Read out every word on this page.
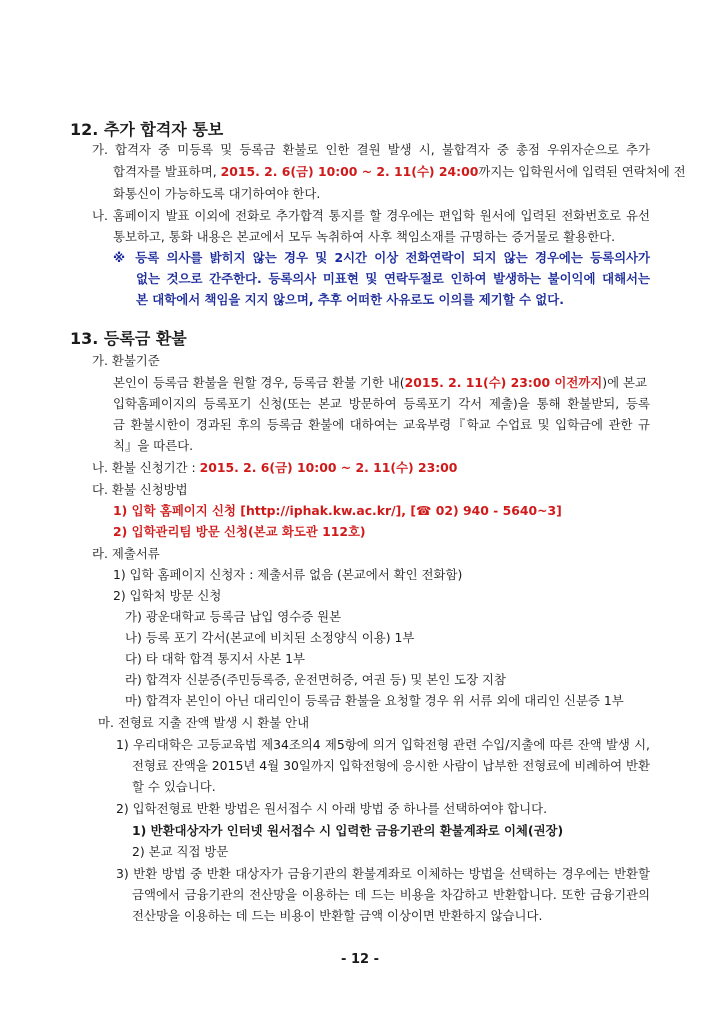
12. 추가 합격자 통보
가. 합격자 중 미등록 및 등록금 환불로 인한 결원 발생 시, 불합격자 중 총점 우위자순으로 추가
합격자를 발표하며, 2015. 2. 6(금) 10:00 ~ 2. 11(수) 24:00까지는 입학원서에 입력된 연락처에 전
화통신이 가능하도록 대기하여야 한다.
나. 홈페이지 발표 이외에 전화로 추가합격 통지를 할 경우에는 편입학 원서에 입력된 전화번호로 유선
통보하고, 통화 내용은 본교에서 모두 녹취하여 사후 책임소재를 규명하는 증거물로 활용한다.
※ 등록 의사를 밝히지 않는 경우 및 2시간 이상 전화연락이 되지 않는 경우에는 등록의사가
없는 것으로 간주한다. 등록의사 미표현 및 연락두절로 인하여 발생하는 불이익에 대해서는
본 대학에서 책임을 지지 않으며, 추후 어떠한 사유로도 이의를 제기할 수 없다.
13. 등록금 환불
가. 환불기준
본인이 등록금 환불을 원할 경우, 등록금 환불 기한 내(2015. 2. 11(수) 23:00 이전까지)에 본교
입학홈페이지의 등록포기 신청(또는 본교 방문하여 등록포기 각서 제출)을 통해 환불받되, 등록
금 환불시한이 경과된 후의 등록금 환불에 대하여는 교육부령『학교 수업료 및 입학금에 관한 규
칙』을 따른다.
나. 환불 신청기간 : 2015. 2. 6(금) 10:00 ~ 2. 11(수) 23:00
다. 환불 신청방법
1) 입학 홈페이지 신청 [http://iphak.kw.ac.kr/], [☎ 02) 940 - 5640~3]
2) 입학관리팀 방문 신청(본교 화도관 112호)
라. 제출서류
1) 입학 홈페이지 신청자 : 제출서류 없음 (본교에서 확인 전화함)
2) 입학처 방문 신청
가) 광운대학교 등록금 납입 영수증 원본
나) 등록 포기 각서(본교에 비치된 소정양식 이용) 1부
다) 타 대학 합격 통지서 사본 1부
라) 합격자 신분증(주민등록증, 운전면허증, 여권 등) 및 본인 도장 지참
마) 합격자 본인이 아닌 대리인이 등록금 환불을 요청할 경우 위 서류 외에 대리인 신분증 1부
마. 전형료 지출 잔액 발생 시 환불 안내
1) 우리대학은 고등교육법 제34조의4 제5항에 의거 입학전형 관련 수입/지출에 따른 잔액 발생 시,
전형료 잔액을 2015년 4월 30일까지 입학전형에 응시한 사람이 납부한 전형료에 비례하여 반환
할 수 있습니다.
2) 입학전형료 반환 방법은 원서접수 시 아래 방법 중 하나를 선택하여야 합니다.
1) 반환대상자가 인터넷 원서접수 시 입력한 금융기관의 환불계좌로 이체(권장)
2) 본교 직접 방문
3) 반환 방법 중 반환 대상자가 금융기관의 환불계좌로 이체하는 방법을 선택하는 경우에는 반환할
금액에서 금융기관의 전산망을 이용하는 데 드는 비용을 차감하고 반환합니다. 또한 금융기관의
전산망을 이용하는 데 드는 비용이 반환할 금액 이상이면 반환하지 않습니다.
- 12 -
